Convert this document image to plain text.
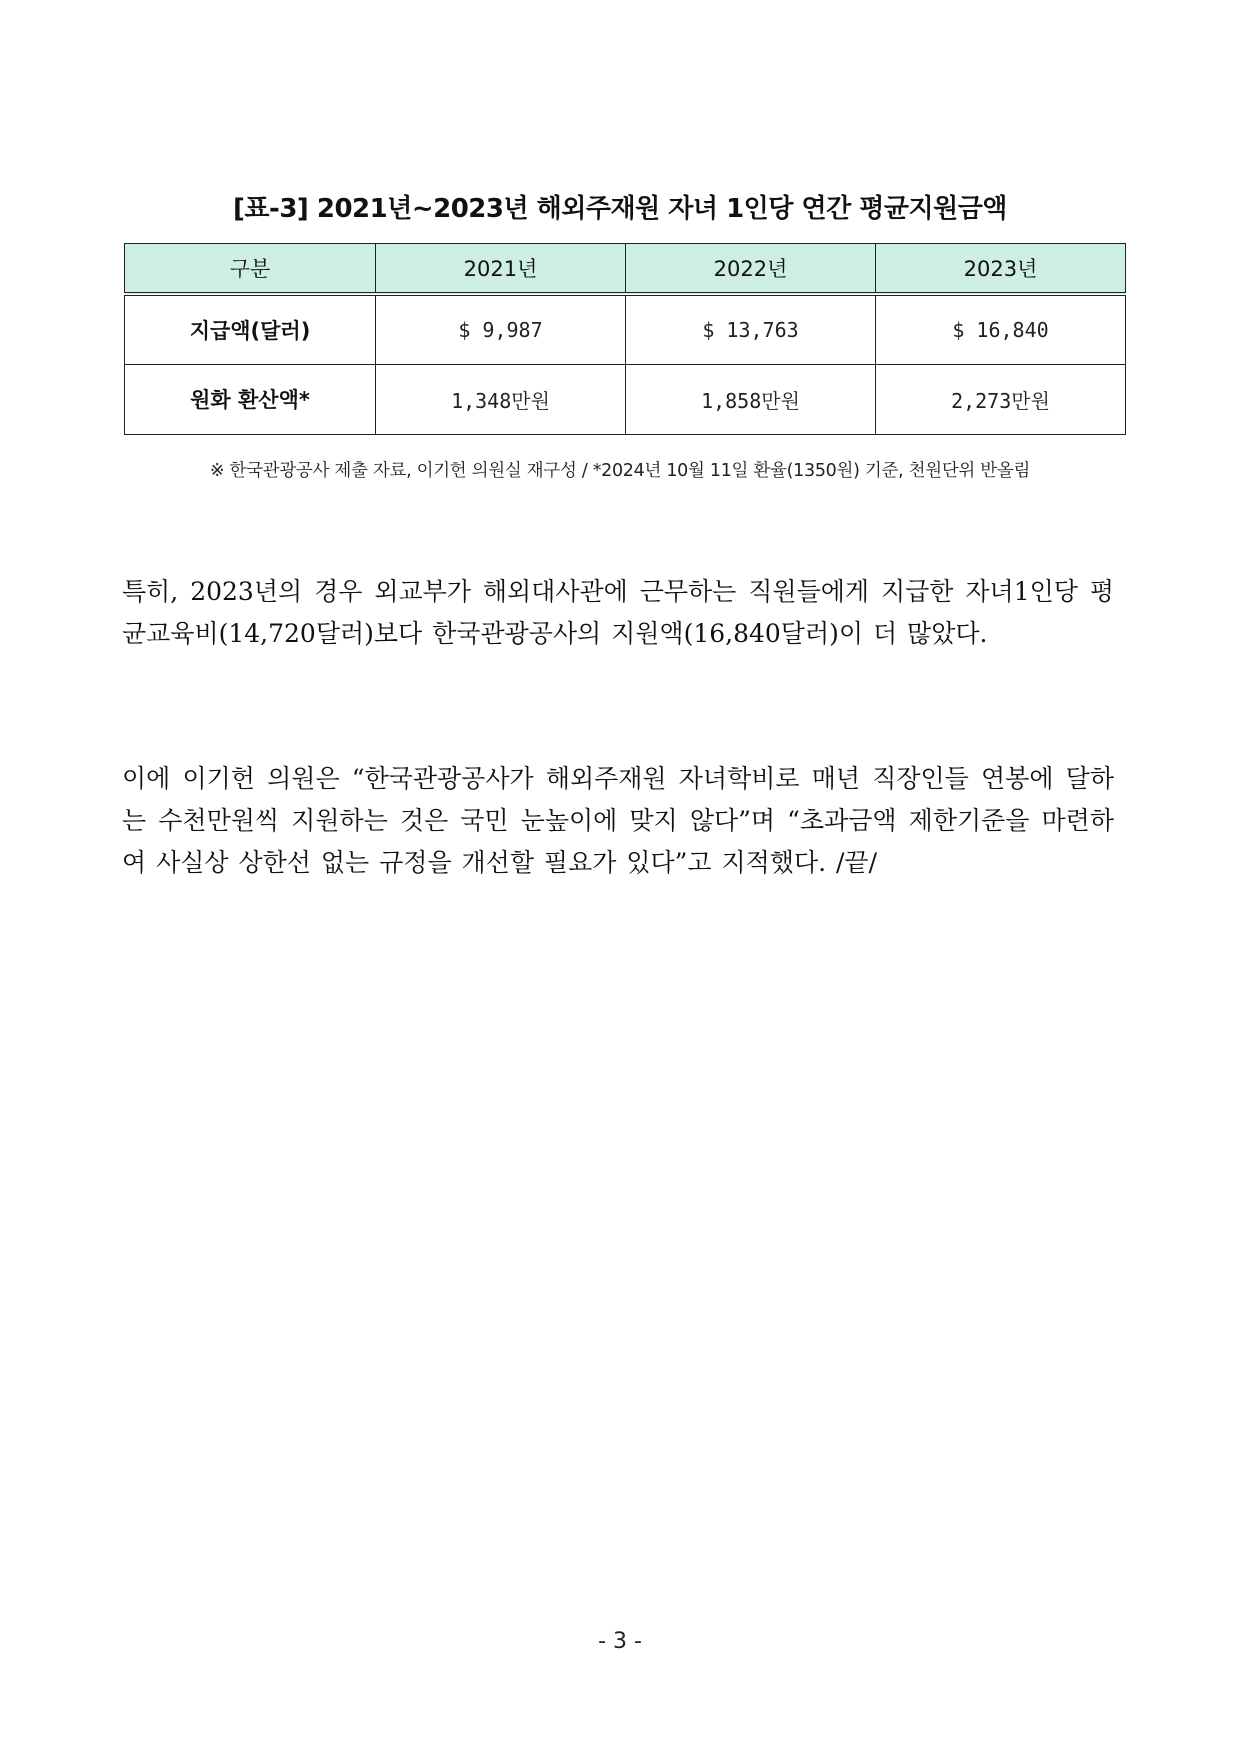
[표-3] 2021년~2023년 해외주재원 자녀 1인당 연간 평균지원금액
구분	2021년	2022년	2023년
지급액(달러)	$ 9,987	$ 13,763	$ 16,840
원화 환산액*	1,348만원	1,858만원	2,273만원
※ 한국관광공사 제출 자료, 이기헌 의원실 재구성 / *2024년 10월 11일 환율(1350원) 기준, 천원단위 반올림

특히, 2023년의 경우 외교부가 해외대사관에 근무하는 직원들에게 지급한 자녀1인당 평균교육비(14,720달러)보다 한국관광공사의 지원액(16,840달러)이 더 많았다.

이에 이기헌 의원은 “한국관광공사가 해외주재원 자녀학비로 매년 직장인들 연봉에 달하는 수천만원씩 지원하는 것은 국민 눈높이에 맞지 않다”며 “초과금액 제한기준을 마련하여 사실상 상한선 없는 규정을 개선할 필요가 있다”고 지적했다. /끝/

- 3 -
